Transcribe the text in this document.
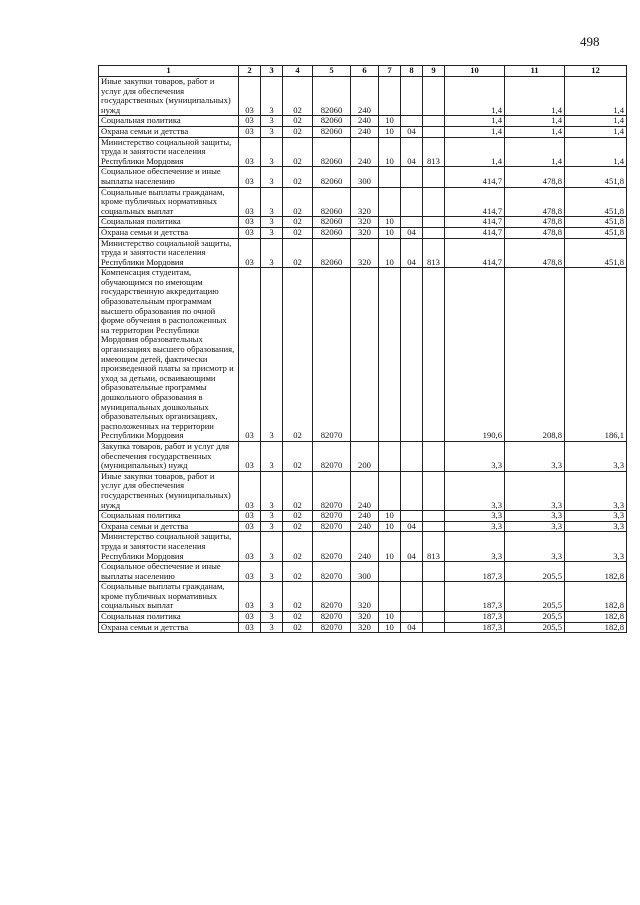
498
1	2	3	4	5	6	7	8	9	10	11	12
Иные закупки товаров, работ и услуг для обеспечения государственных (муниципальных) нужд	03	3	02	82060	240				1,4	1,4	1,4
Социальная политика	03	3	02	82060	240	10			1,4	1,4	1,4
Охрана семьи и детства	03	3	02	82060	240	10	04		1,4	1,4	1,4
Министерство социальной защиты, труда и занятости населения Республики Мордовия	03	3	02	82060	240	10	04	813	1,4	1,4	1,4
Социальное обеспечение и иные выплаты населению	03	3	02	82060	300				414,7	478,8	451,8
Социальные выплаты гражданам, кроме публичных нормативных социальных выплат	03	3	02	82060	320				414,7	478,8	451,8
Социальная политика	03	3	02	82060	320	10			414,7	478,8	451,8
Охрана семьи и детства	03	3	02	82060	320	10	04		414,7	478,8	451,8
Министерство социальной защиты, труда и занятости населения Республики Мордовия	03	3	02	82060	320	10	04	813	414,7	478,8	451,8
Компенсация студентам, обучающимся по имеющим государственную аккредитацию образовательным программам высшего образования по очной форме обучения в расположенных на территории Республики Мордовия образовательных организациях высшего образования, имеющим детей, фактически произведенной платы за присмотр и уход за детьми, осваивающими образовательные программы дошкольного образования в муниципальных дошкольных образовательных организациях, расположенных на территории Республики Мордовия	03	3	02	82070					190,6	208,8	186,1
Закупка товаров, работ и услуг для обеспечения государственных (муниципальных) нужд	03	3	02	82070	200				3,3	3,3	3,3
Иные закупки товаров, работ и услуг для обеспечения государственных (муниципальных) нужд	03	3	02	82070	240				3,3	3,3	3,3
Социальная политика	03	3	02	82070	240	10			3,3	3,3	3,3
Охрана семьи и детства	03	3	02	82070	240	10	04		3,3	3,3	3,3
Министерство социальной защиты, труда и занятости населения Республики Мордовия	03	3	02	82070	240	10	04	813	3,3	3,3	3,3
Социальное обеспечение и иные выплаты населению	03	3	02	82070	300				187,3	205,5	182,8
Социальные выплаты гражданам, кроме публичных нормативных социальных выплат	03	3	02	82070	320				187,3	205,5	182,8
Социальная политика	03	3	02	82070	320	10			187,3	205,5	182,8
Охрана семьи и детства	03	3	02	82070	320	10	04		187,3	205,5	182,8
